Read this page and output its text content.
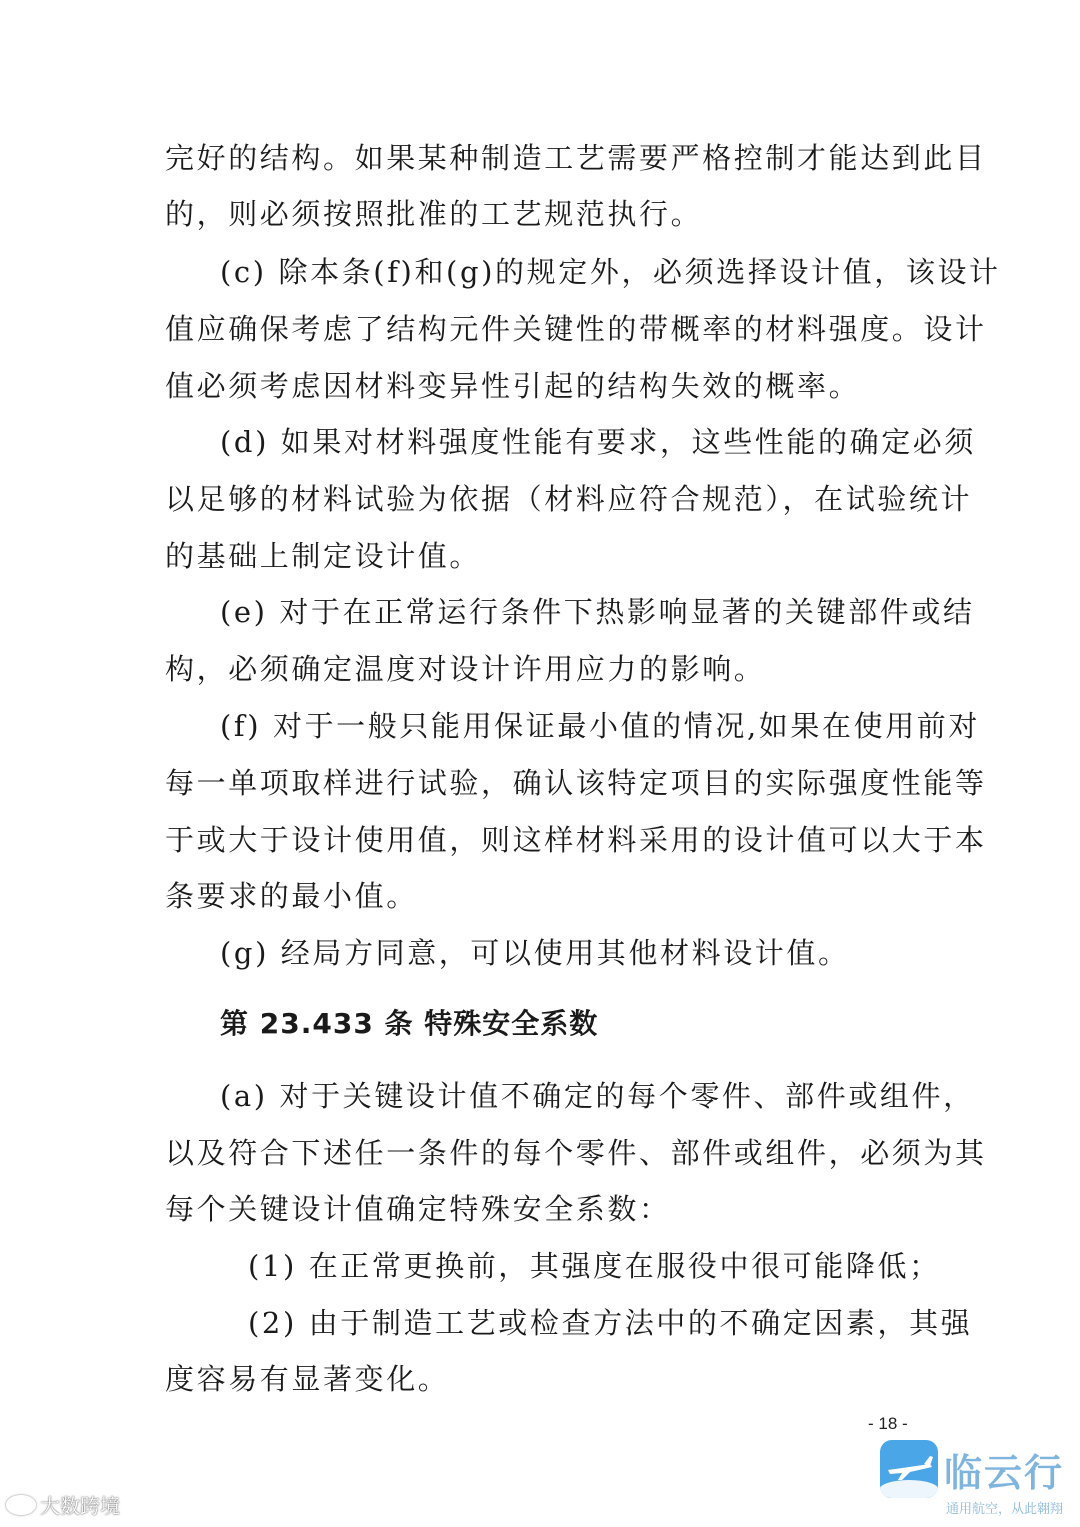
完好的结构。如果某种制造工艺需要严格控制才能达到此目
的，则必须按照批准的工艺规范执行。
(c) 除本条(f)和(g)的规定外，必须选择设计值，该设计
值应确保考虑了结构元件关键性的带概率的材料强度。设计
值必须考虑因材料变异性引起的结构失效的概率。
(d) 如果对材料强度性能有要求，这些性能的确定必须
以足够的材料试验为依据（材料应符合规范），在试验统计
的基础上制定设计值。
(e) 对于在正常运行条件下热影响显著的关键部件或结
构，必须确定温度对设计许用应力的影响。
(f) 对于一般只能用保证最小值的情况,如果在使用前对
每一单项取样进行试验，确认该特定项目的实际强度性能等
于或大于设计使用值，则这样材料采用的设计值可以大于本
条要求的最小值。
(g) 经局方同意，可以使用其他材料设计值。
第 23.433 条 特殊安全系数
(a) 对于关键设计值不确定的每个零件、部件或组件，
以及符合下述任一条件的每个零件、部件或组件，必须为其
每个关键设计值确定特殊安全系数：
(1) 在正常更换前，其强度在服役中很可能降低；
(2) 由于制造工艺或检查方法中的不确定因素，其强
度容易有显著变化。
- 18 -
大数跨境
临云行
通用航空，从此翱翔
